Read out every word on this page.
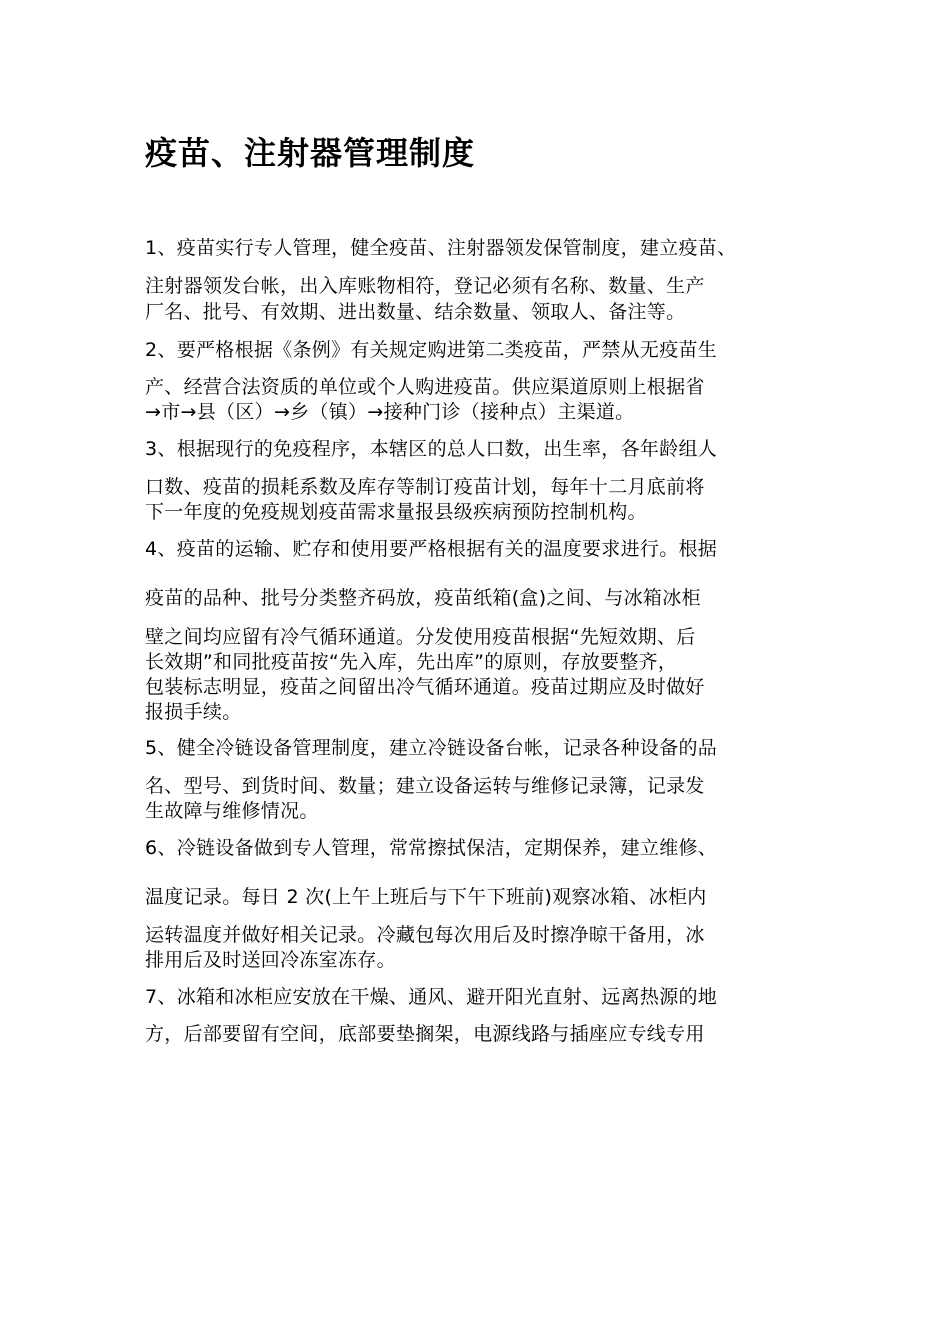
疫苗、注射器管理制度

1、疫苗实行专人管理，健全疫苗、注射器领发保管制度，建立疫苗、

注射器领发台帐，出入库账物相符，登记必须有名称、数量、生产

厂名、批号、有效期、进出数量、结余数量、领取人、备注等。

2、要严格根据《条例》有关规定购进第二类疫苗，严禁从无疫苗生

产、经营合法资质的单位或个人购进疫苗。供应渠道原则上根据省

→市→县（区）→乡（镇）→接种门诊（接种点）主渠道。

3、根据现行的免疫程序，本辖区的总人口数，出生率，各年龄组人

口数、疫苗的损耗系数及库存等制订疫苗计划，每年十二月底前将

下一年度的免疫规划疫苗需求量报县级疾病预防控制机构。

4、疫苗的运输、贮存和使用要严格根据有关的温度要求进行。根据

疫苗的品种、批号分类整齐码放，疫苗纸箱(盒)之间、与冰箱冰柜

壁之间均应留有冷气循环通道。分发使用疫苗根据“先短效期、后

长效期”和同批疫苗按“先入库，先出库”的原则，存放要整齐，

包装标志明显，疫苗之间留出冷气循环通道。疫苗过期应及时做好

报损手续。

5、健全冷链设备管理制度，建立冷链设备台帐，记录各种设备的品

名、型号、到货时间、数量；建立设备运转与维修记录簿，记录发

生故障与维修情况。

6、冷链设备做到专人管理，常常擦拭保洁，定期保养，建立维修、

温度记录。每日 2 次(上午上班后与下午下班前)观察冰箱、冰柜内

运转温度并做好相关记录。冷藏包每次用后及时擦净晾干备用，冰

排用后及时送回冷冻室冻存。

7、冰箱和冰柜应安放在干燥、通风、避开阳光直射、远离热源的地

方，后部要留有空间，底部要垫搁架，电源线路与插座应专线专用
